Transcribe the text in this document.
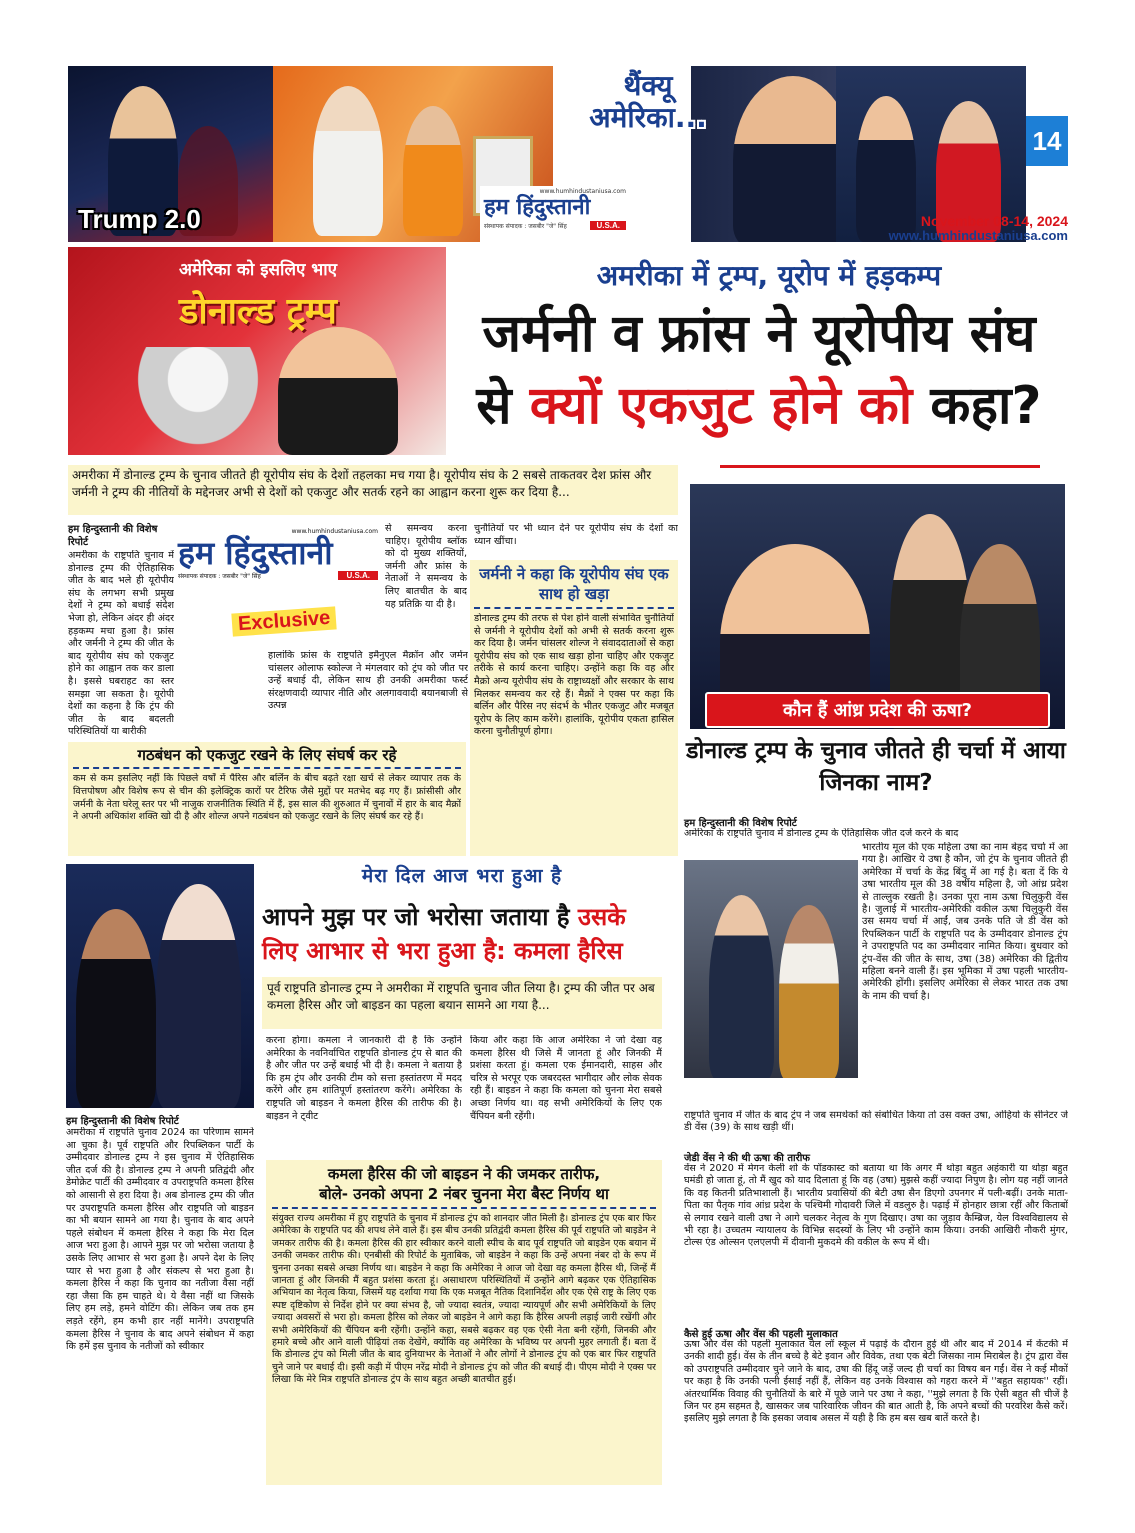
14
थैंक्यू
अमेरिका...
Trump 2.0
www.humhindustaniusa.com
हम हिंदुस्तानी
संस्थापक संपादक : जसबीर "जे" सिंह	U.S.A.	November 08-14, 2024
www.humhindustaniusa.com
अमेरिका को इसलिए भाए
डोनाल्ड ट्रम्प
अमरीका में ट्रम्प, यूरोप में हड़कम्प
जर्मनी व फ्रांस ने यूरोपीय संघ
से क्यों एकजुट होने को कहा?
अमरीका में डोनाल्ड ट्रम्प के चुनाव जीतते ही यूरोपीय संघ के देशों तहलका मच गया है। यूरोपीय संघ के 2 सबसे ताकतवर देश फ्रांस और जर्मनी ने ट्रम्प की नीतियों के मद्देनजर अभी से देशों को एकजुट और सतर्क रहने का आह्वान करना शुरू कर दिया है...
हम हिन्दुस्तानी की विशेष रिपोर्ट
www.humhindustaniusa.com
हम हिंदुस्तानी
संस्थापक संपादक : जसबीर "जे" सिंह	U.S.A.
Exclusive
अमरीका के राष्ट्रपति चुनाव में डोनाल्ड ट्रम्प की ऐतिहासिक जीत के बाद भले ही यूरोपीय संघ के लगभग सभी प्रमुख देशों ने ट्रम्प को बधाई संदेश भेजा हो, लेकिन अंदर ही अंदर हड़कम्प मचा हुआ है। फ्रांस और जर्मनी ने ट्रम्प की जीत के बाद यूरोपीय संघ को एकजुट होने का आह्वान तक कर डाला है। इससे घबराहट का स्तर समझा जा सकता है। यूरोपी देशों का कहना है कि ट्रंप की जीत के बाद बदलती परिस्थितियों या बारीकी
से समन्वय करना चाहिए। यूरोपीय ब्लॉक को दो मुख्य शक्तियों, जर्मनी और फ्रांस के नेताओं ने समन्वय के लिए बातचीत के बाद यह प्रतिक्रि या दी है।
हालांकि फ्रांस के राष्ट्रपति इमैनुएल मैक्रॉन और जर्मन चांसलर ओलाफ स्कोल्ज ने मंगलवार को ट्रंप को जीत पर उन्हें बधाई दी, लेकिन साथ ही उनकी अमरीका फर्स्ट संरक्षणवादी व्यापार नीति और अलगाववादी बयानबाजी से उत्पन्न
चुनौतियों पर भी ध्यान देने पर यूरोपीय संघ के देशों का ध्यान खींचा।
जर्मनी ने कहा कि यूरोपीय संघ एक साथ हो खड़ा
डोनाल्ड ट्रम्प की तरफ से पेश होने वाली संभावित चुनौतियों से जर्मनी ने यूरोपीय देशों को अभी से सतर्क करना शुरू कर दिया है। जर्मन चांसलर शोल्ज ने संवाददाताओं से कहा यूरोपीय संघ को एक साथ खड़ा होना चाहिए और एकजुट तरीके से कार्य करना चाहिए। उन्होंने कहा कि वह और मैक्रो अन्य यूरोपीय संघ के राष्ट्राध्यक्षों और सरकार के साथ मिलकर समन्वय कर रहे हैं। मैक्रों ने एक्स पर कहा कि बर्लिन और पैरिस नए संदर्भ के भीतर एकजुट और मजबूत यूरोप के लिए काम करेंगे। हालांकि, यूरोपीय एकता हासिल करना चुनौतीपूर्ण होगा।
गठबंधन को एकजुट रखने के लिए संघर्ष कर रहे
कम से कम इसलिए नहीं कि पिछले वर्षों में पैरिस और बर्लिन के बीच बढ़ते रक्षा खर्च से लेकर व्यापार तक के वित्तपोषण और विशेष रूप से चीन की इलेक्ट्रिक कारों पर टैरिफ जैसे मुद्दों पर मतभेद बढ़ गए हैं। फ्रांसीसी और जर्मनी के नेता घरेलू स्तर पर भी नाजुक राजनीतिक स्थिति में हैं, इस साल की शुरुआत में चुनावों में हार के बाद मैक्रों ने अपनी अधिकांश शक्ति खो दी है और शोल्ज अपने गठबंधन को एकजुट रखने के लिए संघर्ष कर रहे हैं।
कौन हैं आंध्र प्रदेश की ऊषा?
डोनाल्ड ट्रम्प के चुनाव जीतते ही चर्चा में आया जिनका नाम?
हम हिन्दुस्तानी की विशेष रिपोर्ट
अमेरिका के राष्ट्रपति चुनाव में डोनाल्ड ट्रम्प के ऐतिहासिक जीत दर्ज करने के बाद
भारतीय मूल की एक महिला उषा का नाम बेहद चर्चा में आ गया है। आखिर ये उषा है कौन, जो ट्रंप के चुनाव जीतते ही अमेरिका में चर्चा के केंद्र बिंदु में आ गई है। बता दें कि ये उषा भारतीय मूल की 38 वर्षीय महिला है, जो आंध्र प्रदेश से ताल्लुक रखती है। उनका पूरा नाम ऊषा चिलुकुरी वेंस है। जुलाई में भारतीय-अमेरिकी वकील ऊषा चिलुकुरी वेंस उस समय चर्चा में आईं, जब उनके पति जे डी वेंस को रिपब्लिकन पार्टी के राष्ट्रपति पद के उम्मीदवार डोनाल्ड ट्रंप ने उपराष्ट्रपति पद का उम्मीदवार नामित किया। बुधवार को ट्रंप-वेंस की जीत के साथ, उषा (38) अमेरिका की द्वितीय महिला बनने वाली हैं। इस भूमिका में उषा पहली भारतीय-अमेरिकी होंगी। इसलिए अमेरिका से लेकर भारत तक उषा के नाम की चर्चा है।
राष्ट्रपति चुनाव में जीत के बाद ट्रंप ने जब समर्थकों को संबोधित किया तो उस वक्त उषा, ओहियो के सीनेटर जे डी वेंस (39) के साथ खड़ी थीं।
जेडी वेंस ने की थी ऊषा की तारीफ
वेंस ने 2020 में मेगन केली शो के पॉडकास्ट को बताया था कि अगर मैं थोड़ा बहुत अहंकारी या थोड़ा बहुत घमंडी हो जाता हूं, तो मैं खुद को याद दिलाता हूं कि वह (उषा) मुझसे कहीं ज्यादा निपुण है। लोग यह नहीं जानते कि वह कितनी प्रतिभाशाली हैं। भारतीय प्रवासियों की बेटी उषा सैन डिएगो उपनगर में पली-बढ़ीं। उनके माता-पिता का पैतृक गांव आंध्र प्रदेश के पश्चिमी गोदावरी जिले में वडलुरु है। पढ़ाई में होनहार छात्रा रहीं और किताबों से लगाव रखने वाली उषा ने आगे चलकर नेतृत्व के गुण दिखाए। उषा का जुड़ाव कैम्ब्रिज, येल विश्वविद्यालय से भी रहा है। उच्चतम न्यायालय के विभिन्न सदस्यों के लिए भी उन्होंने काम किया। उनकी आखिरी नौकरी मुंगर, टोल्स एंड ओल्सन एलएलपी में दीवानी मुकदमे की वकील के रूप में थी।
कैसे हुई ऊषा और वेंस की पहली मुलाकात
ऊषा और वेंस की पहली मुलाकात येल लॉ स्कूल में पढ़ाई के दौरान हुई थी और बाद में 2014 में केंटकी में उनकी शादी हुई। वेंस के तीन बच्चे है बेटे इवान और विवेक, तथा एक बेटी जिसका नाम मिराबेल है। ट्रंप द्वारा वेंस को उपराष्ट्रपति उम्मीदवार चुने जाने के बाद, उषा की हिंदू जड़ें जल्द ही चर्चा का विषय बन गईं। वेंस ने कई मौकों पर कहा है कि उनकी पत्नी ईसाई नहीं हैं, लेकिन वह उनके विश्वास को गहरा करने में ''बहुत सहायक'' रहीं। अंतरधार्मिक विवाह की चुनौतियों के बारे में पूछे जाने पर उषा ने कहा, ''मुझे लगता है कि ऐसी बहुत सी चीजें है जिन पर हम सहमत है, खासकर जब पारिवारिक जीवन की बात आती है, कि अपने बच्चों की परवरिश कैसे करें। इसलिए मुझे लगता है कि इसका जवाब असल में यही है कि हम बस खब बातें करते है।
मेरा दिल आज भरा हुआ है
आपने मुझ पर जो भरोसा जताया है उसके
लिए आभार से भरा हुआ है: कमला हैरिस
पूर्व राष्ट्रपति डोनाल्ड ट्रम्प ने अमरीका में राष्ट्रपति चुनाव जीत लिया है। ट्रम्प की जीत पर अब कमला हैरिस और जो बाइडन का पहला बयान सामने आ गया है...
हम हिन्दुस्तानी की विशेष रिपोर्ट
अमरीका में राष्ट्रपति चुनाव 2024 का परिणाम सामने आ चुका है। पूर्व राष्ट्रपति और रिपब्लिकन पार्टी के उम्मीदवार डोनाल्ड ट्रम्प ने इस चुनाव में ऐतिहासिक जीत दर्ज की है। डोनाल्ड ट्रम्प ने अपनी प्रतिद्वंदी और डेमोक्रेट पार्टी की उम्मीदवार व उपराष्ट्रपति कमला हैरिस को आसानी से हरा दिया है। अब डोनाल्ड ट्रम्प की जीत पर उपराष्ट्रपति कमला हैरिस और राष्ट्रपति जो बाइडन का भी बयान सामने आ गया है। चुनाव के बाद अपने पहले संबोधन में कमला हैरिस ने कहा कि मेरा दिल आज भरा हुआ है। आपने मुझ पर जो भरोसा जताया है उसके लिए आभार से भरा हुआ है। अपने देश के लिए प्यार से भरा हुआ है और संकल्प से भरा हुआ है। कमला हैरिस ने कहा कि चुनाव का नतीजा वैसा नहीं रहा जैसा कि हम चाहते थे। ये वैसा नहीं था जिसके लिए हम लड़े, हमने वोटिंग की। लेकिन जब तक हम लड़ते रहेंगे, हम कभी हार नहीं मानेंगे। उपराष्ट्रपति कमला हैरिस ने चुनाव के बाद अपने संबोधन में कहा कि हमें इस चुनाव के नतीजों को स्वीकार
करना होगा। कमला ने जानकारी दी है कि उन्होंने अमेरिका के नवनिर्वाचित राष्ट्रपति डोनाल्ड ट्रंप से बात की है और जीत पर उन्हें बधाई भी दी है। कमला ने बताया है कि हम ट्रंप और उनकी टीम को सत्ता हस्तांतरण में मदद करेंगे और हम शांतिपूर्ण हस्तांतरण करेंगे। अमेरिका के राष्ट्रपति जो बाइडन ने कमला हैरिस की तारीफ की है। बाइडन ने ट्वीट
किया और कहा कि आज अमेरिका ने जो देखा वह कमला हैरिस थी जिसे मैं जानता हूं और जिनकी मैं प्रशंसा करता हूं। कमला एक ईमानदारी, साहस और चरित्र से भरपूर एक जबरदस्त भागीदार और लोक सेवक रही हैं। बाइडन ने कहा कि कमला को चुनना मेरा सबसे अच्छा निर्णय था। वह सभी अमेरिकियों के लिए एक चैंपियन बनी रहेंगी।
कमला हैरिस की जो बाइडन ने की जमकर तारीफ,
बोले- उनको अपना 2 नंबर चुनना मेरा बैस्ट निर्णय था
संयुक्त राज्य अमरीका में हुए राष्ट्रपति के चुनाव में डोनाल्ड ट्रंप को शानदार जीत मिली है। डोनाल्ड ट्रंप एक बार फिर अमेरिका के राष्ट्रपति पद की शपथ लेने वाले हैं। इस बीच उनकी प्रतिद्वंदी कमला हैरिस की पूर्व राष्ट्रपति जो बाइडेन ने जमकर तारीफ की है। कमला हैरिस की हार स्वीकार करने वाली स्पीच के बाद पूर्व राष्ट्रपति जो बाइडेन एक बयान में उनकी जमकर तारीफ की। एनबीसी की रिपोर्ट के मुताबिक, जो बाइडेन ने कहा कि उन्हें अपना नंबर दो के रूप में चुनना उनका सबसे अच्छा निर्णय था। बाइडेन ने कहा कि अमेरिका ने आज जो देखा वह कमला हैरिस थी, जिन्हें मैं जानता हूं और जिनकी मैं बहुत प्रशंसा करता हूं। असाधारण परिस्थितियों में उन्होंने आगे बढ़कर एक ऐतिहासिक अभियान का नेतृत्व किया, जिसमें यह दर्शाया गया कि एक मजबूत नैतिक दिशानिर्देश और एक ऐसे राष्ट्र के लिए एक स्पष्ट दृष्टिकोण से निर्देश होने पर क्या संभव है, जो ज्यादा स्वतंत्र, ज्यादा न्यायपूर्ण और सभी अमेरिकियों के लिए ज्यादा अवसरों से भरा हो। कमला हैरिस को लेकर जो बाइडेन ने आगे कहा कि हैरिस अपनी लड़ाई जारी रखेंगी और सभी अमेरिकियों की चैंपियन बनी रहेंगी। उन्होंने कहा, सबसे बढ़कर वह एक ऐसी नेता बनी रहेंगी, जिनकी और हमारे बच्चे और आने वाली पीढ़ियां तक देखेंगे, क्योंकि वह अमेरिका के भविष्य पर अपनी मुहर लगाती हैं। बता दें कि डोनाल्ड ट्रंप को मिली जीत के बाद दुनियाभर के नेताओं ने और लोगों ने डोनाल्ड ट्रंप को एक बार फिर राष्ट्रपति चुने जाने पर बधाई दी। इसी कड़ी में पीएम नरेंद्र मोदी ने डोनाल्ड ट्रंप को जीत की बधाई दी। पीएम मोदी ने एक्स पर लिखा कि मेरे मित्र राष्ट्रपति डोनाल्ड ट्रंप के साथ बहुत अच्छी बातचीत हुई।
